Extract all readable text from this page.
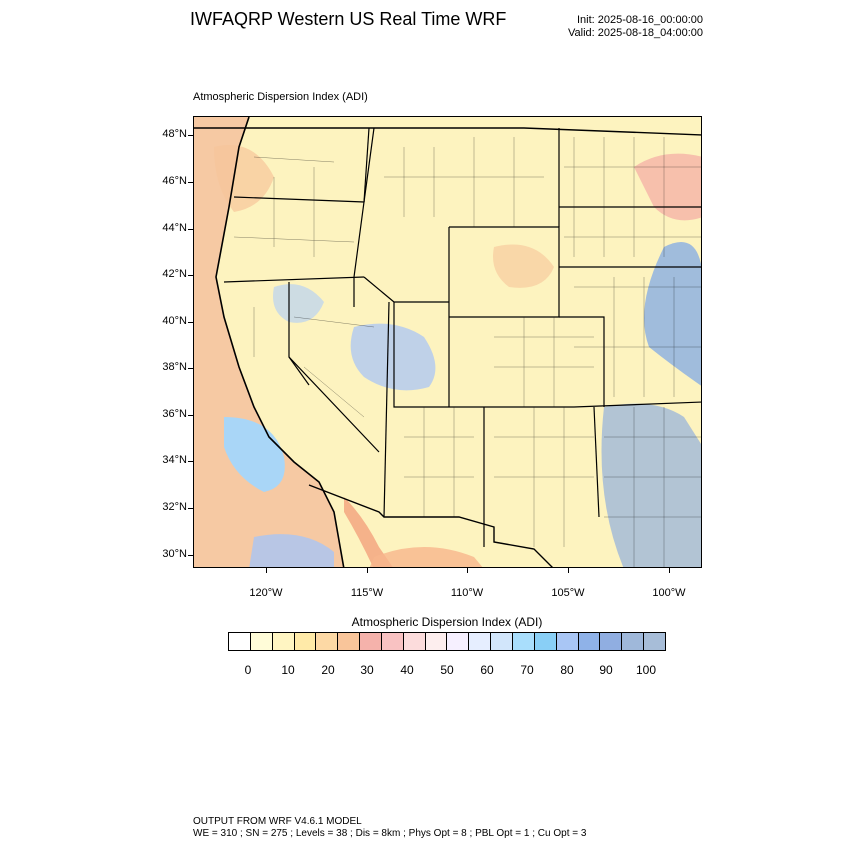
IWFAQRP Western US Real Time WRF	Init: 2025-08-16_00:00:00
Valid: 2025-08-18_04:00:00
Atmospheric Dispersion Index (ADI)
48°N
46°N
44°N
42°N
40°N
38°N
36°N
34°N
32°N
30°N
120°W	115°W	110°W	105°W	100°W
Atmospheric Dispersion Index (ADI)
0	10	20	30	40	50	60	70	80	90	100
OUTPUT FROM WRF V4.6.1 MODEL
WE = 310 ; SN = 275 ; Levels = 38 ; Dis = 8km ; Phys Opt = 8 ; PBL Opt = 1 ; Cu Opt = 3
